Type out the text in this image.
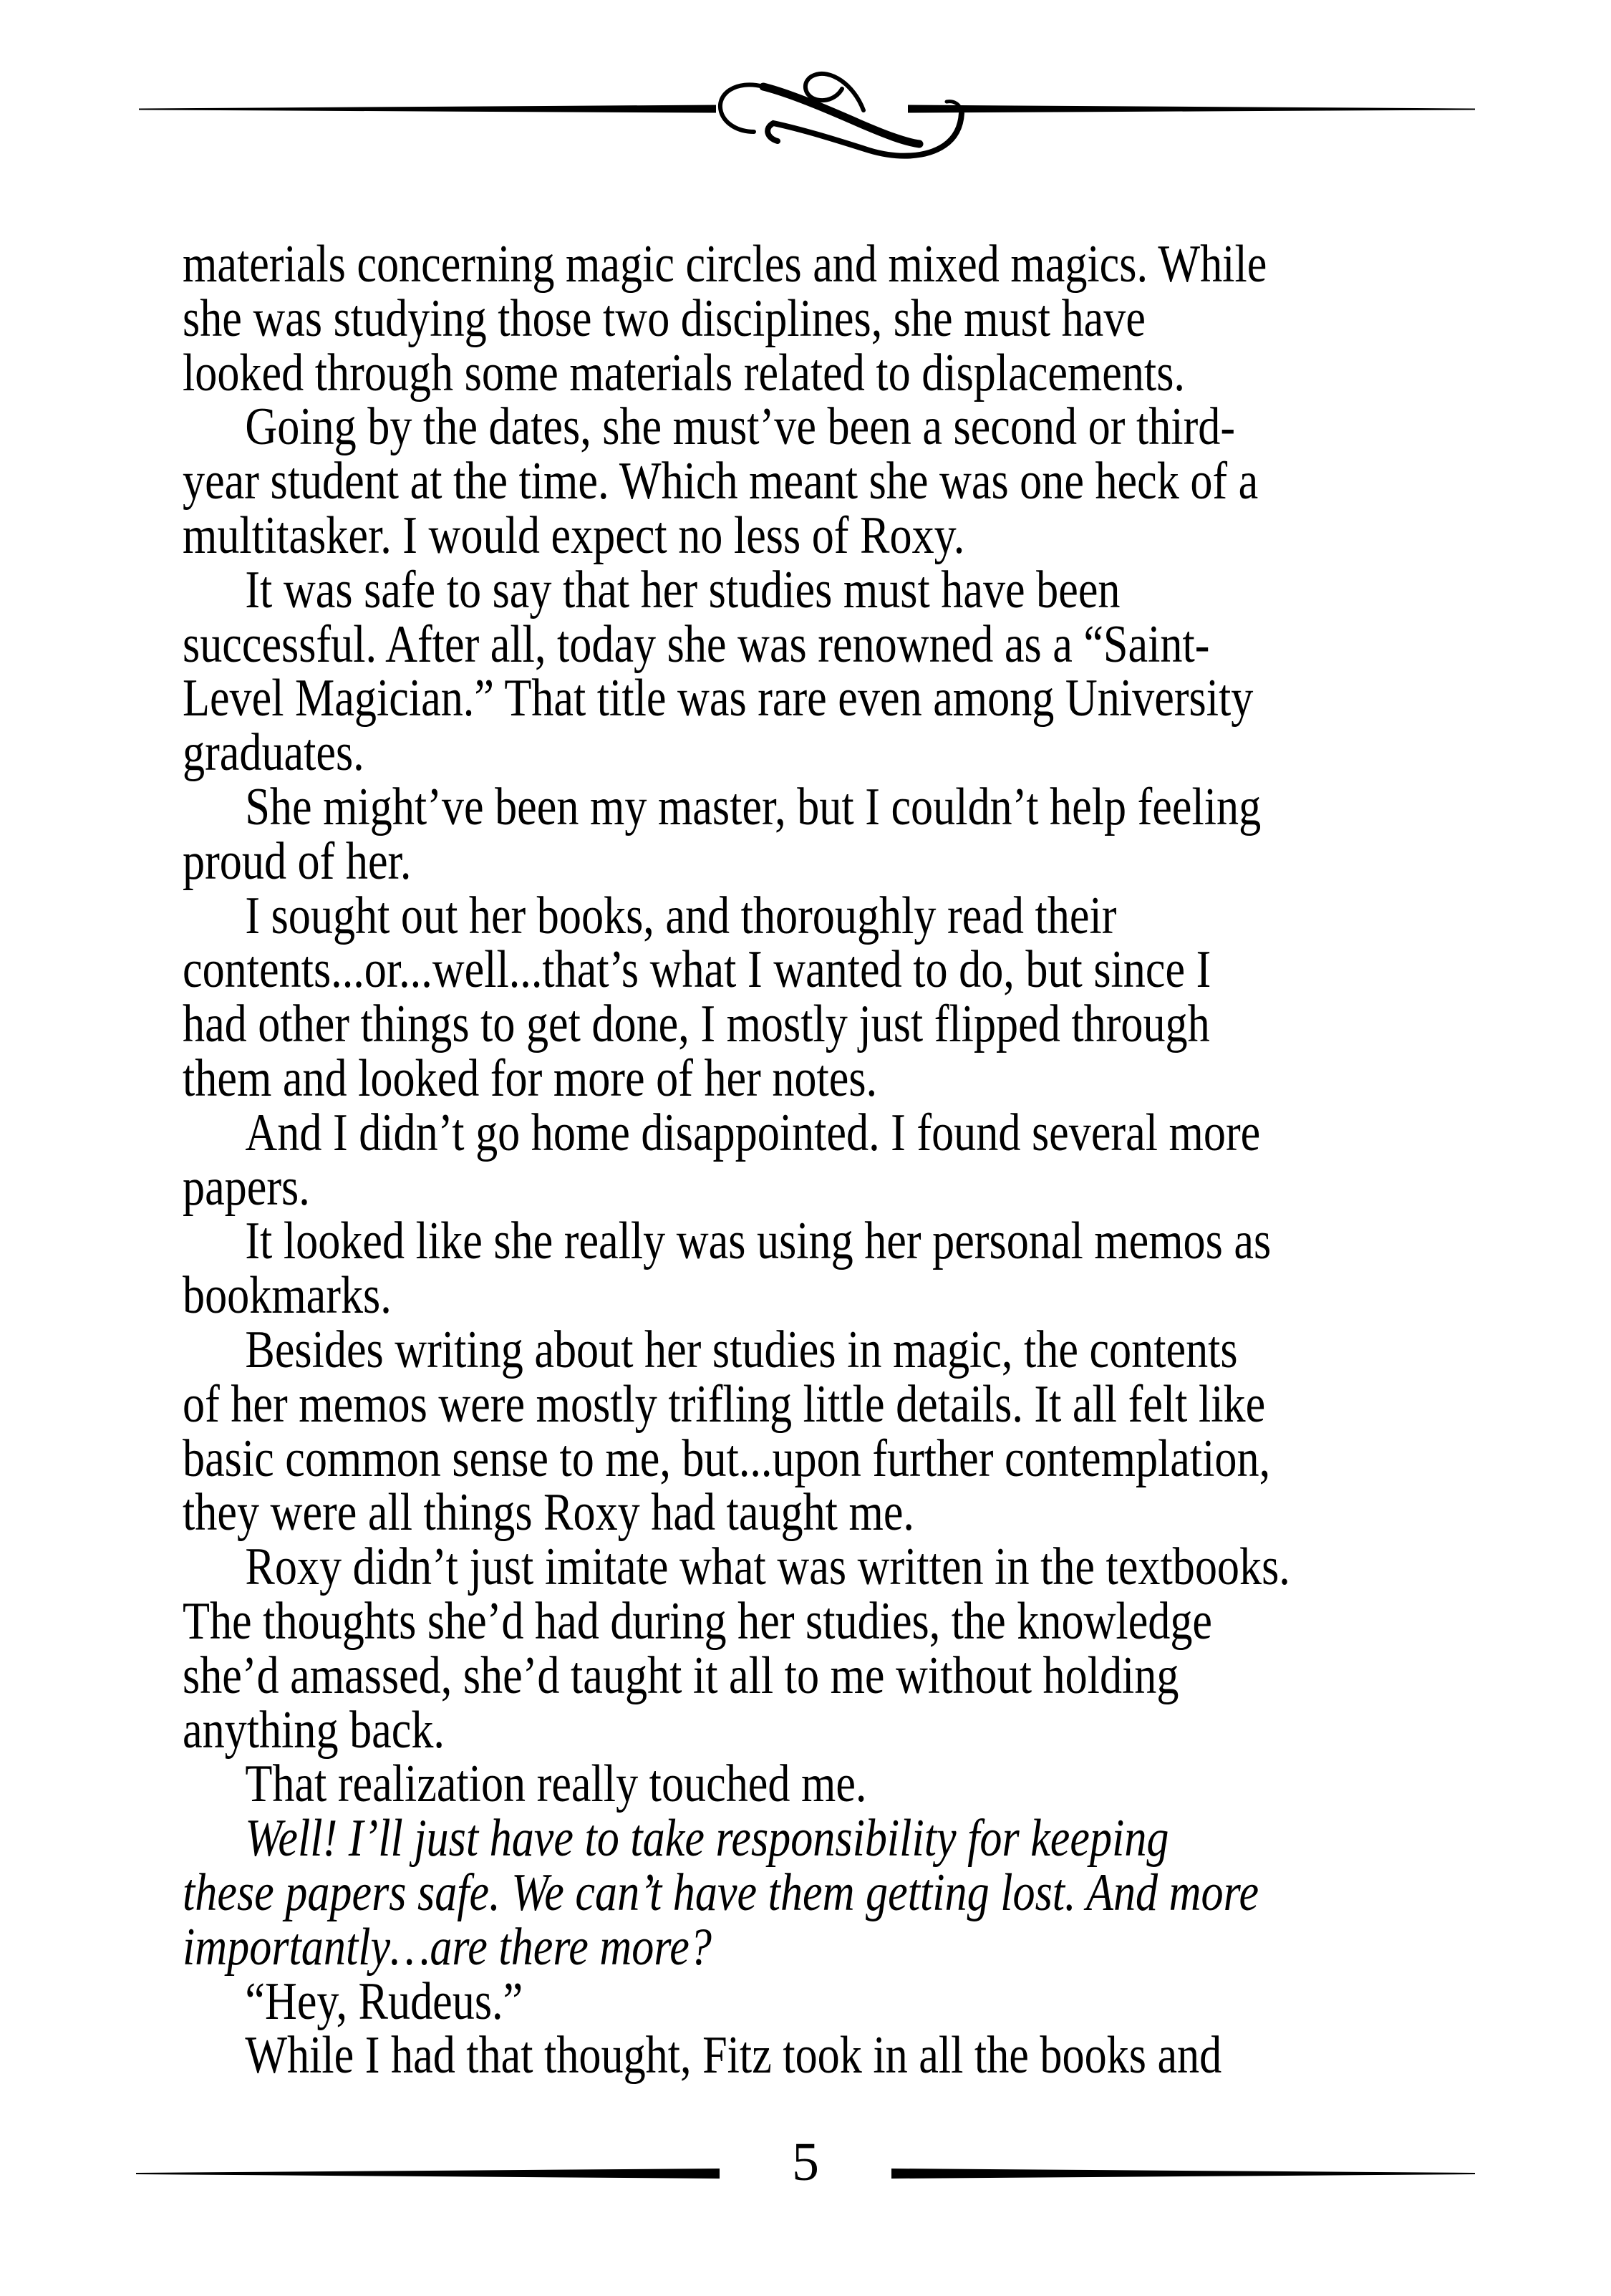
materials concerning magic circles and mixed magics. While
she was studying those two disciplines, she must have
looked through some materials related to displacements.
Going by the dates, she must’ve been a second or third-
year student at the time. Which meant she was one heck of a
multitasker. I would expect no less of Roxy.
It was safe to say that her studies must have been
successful. After all, today she was renowned as a “Saint-
Level Magician.” That title was rare even among University
graduates.
She might’ve been my master, but I couldn’t help feeling
proud of her.
I sought out her books, and thoroughly read their
contents...or...well...that’s what I wanted to do, but since I
had other things to get done, I mostly just flipped through
them and looked for more of her notes.
And I didn’t go home disappointed. I found several more
papers.
It looked like she really was using her personal memos as
bookmarks.
Besides writing about her studies in magic, the contents
of her memos were mostly trifling little details. It all felt like
basic common sense to me, but...upon further contemplation,
they were all things Roxy had taught me.
Roxy didn’t just imitate what was written in the textbooks.
The thoughts she’d had during her studies, the knowledge
she’d amassed, she’d taught it all to me without holding
anything back.
That realization really touched me.
Well! I’ll just have to take responsibility for keeping
these papers safe. We can’t have them getting lost. And more
importantly…are there more?
“Hey, Rudeus.”
While I had that thought, Fitz took in all the books and
5
